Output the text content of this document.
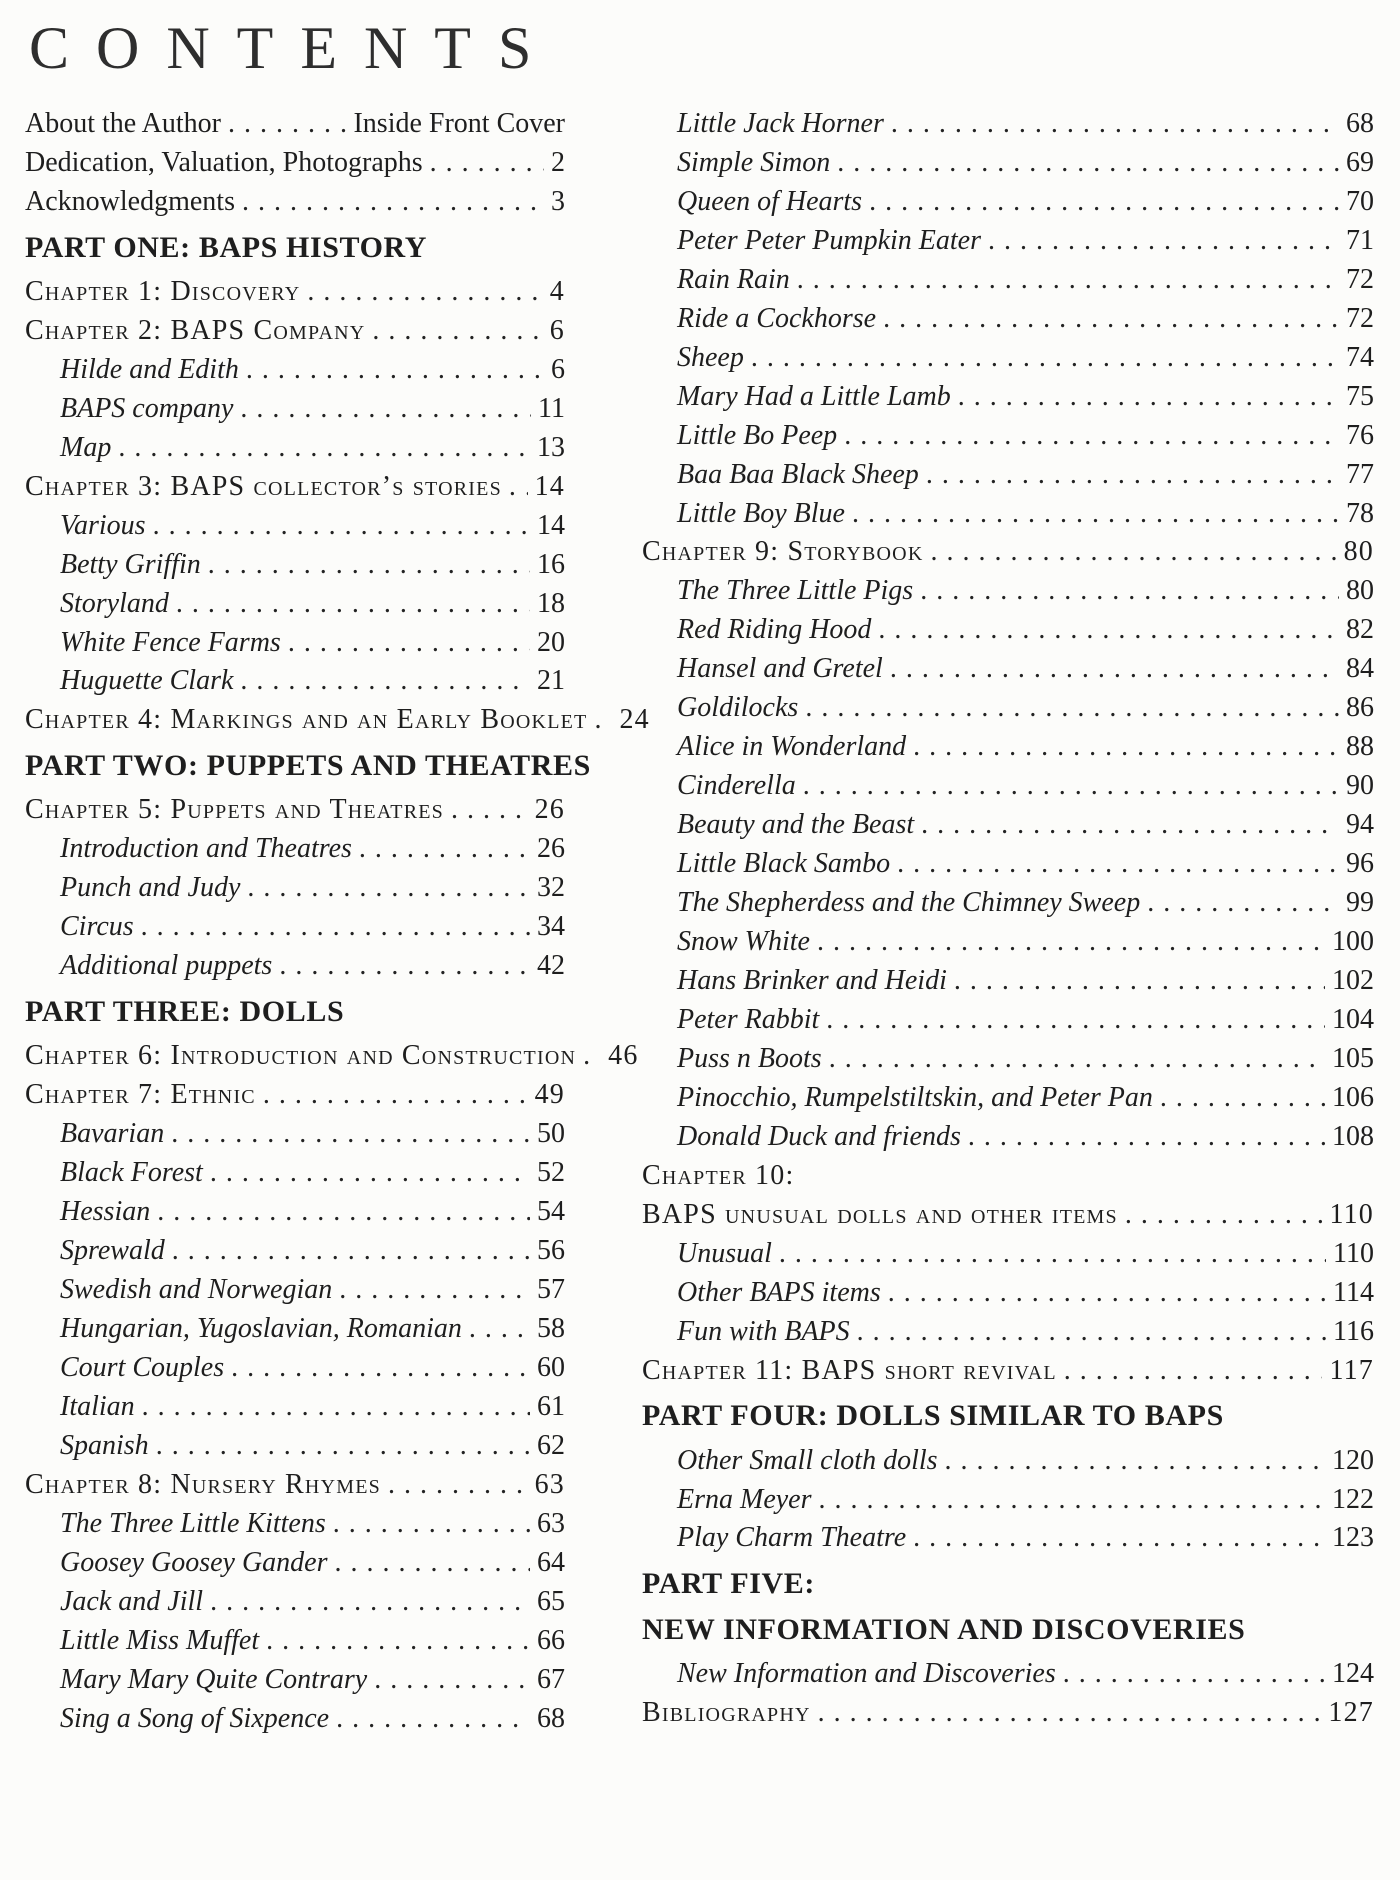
CONTENTS
About the Author . . .	Inside Front Cover
Dedication, Valuation, Photographs . . .	2
Acknowledgments . . .	3
PART ONE: BAPS HISTORY
Chapter 1: Discovery . . .	4
Chapter 2: BAPS Company . . .	6
Hilde and Edith . . .	6
BAPS company . . .	11
Map . . .	13
Chapter 3: BAPS collector’s stories . . . 14
Various . . .	14
Betty Griffin . . .	16
Storyland . . .	18
White Fence Farms . . .	20
Huguette Clark . . .	21
Chapter 4: Markings and an Early Booklet . . . 24
PART TWO: PUPPETS AND THEATRES
Chapter 5: Puppets and Theatres . . .	26
Introduction and Theatres . . .	26
Punch and Judy . . .	32
Circus . . .	34
Additional puppets . . .	42
PART THREE: DOLLS
Chapter 6: Introduction and Construction . . . 46
Chapter 7: Ethnic . . .	49
Bavarian . . .	50
Black Forest . . .	52
Hessian . . .	54
Sprewald . . .	56
Swedish and Norwegian . . .	57
Hungarian, Yugoslavian, Romanian . . .	58
Court Couples . . .	60
Italian . . .	61
Spanish . . .	62
Chapter 8: Nursery Rhymes . . .	63
The Three Little Kittens . . .	63
Goosey Goosey Gander . . .	64
Jack and Jill . . .	65
Little Miss Muffet . . .	66
Mary Mary Quite Contrary . . .	67
Sing a Song of Sixpence . . .	68
Little Jack Horner . . .	68
Simple Simon . . .	69
Queen of Hearts . . .	70
Peter Peter Pumpkin Eater . . .	71
Rain Rain . . .	72
Ride a Cockhorse . . .	72
Sheep . . .	74
Mary Had a Little Lamb . . .	75
Little Bo Peep . . .	76
Baa Baa Black Sheep . . .	77
Little Boy Blue . . .	78
Chapter 9: Storybook . . .	80
The Three Little Pigs . . .	80
Red Riding Hood . . .	82
Hansel and Gretel . . .	84
Goldilocks . . .	86
Alice in Wonderland . . .	88
Cinderella . . .	90
Beauty and the Beast . . .	94
Little Black Sambo . . .	96
The Shepherdess and the Chimney Sweep . . .	99
Snow White . . .	100
Hans Brinker and Heidi . . .	102
Peter Rabbit . . .	104
Puss n Boots . . .	105
Pinocchio, Rumpelstiltskin, and Peter Pan . . .	106
Donald Duck and friends . . .	108
Chapter 10:
BAPS unusual dolls and other items . . .	110
Unusual . . .	110
Other BAPS items . . .	114
Fun with BAPS . . .	116
Chapter 11: BAPS short revival . . .	117
PART FOUR: DOLLS SIMILAR TO BAPS
Other Small cloth dolls . . .	120
Erna Meyer . . .	122
Play Charm Theatre . . .	123
PART FIVE:
NEW INFORMATION AND DISCOVERIES
New Information and Discoveries . . .	124
Bibliography . . .	127
